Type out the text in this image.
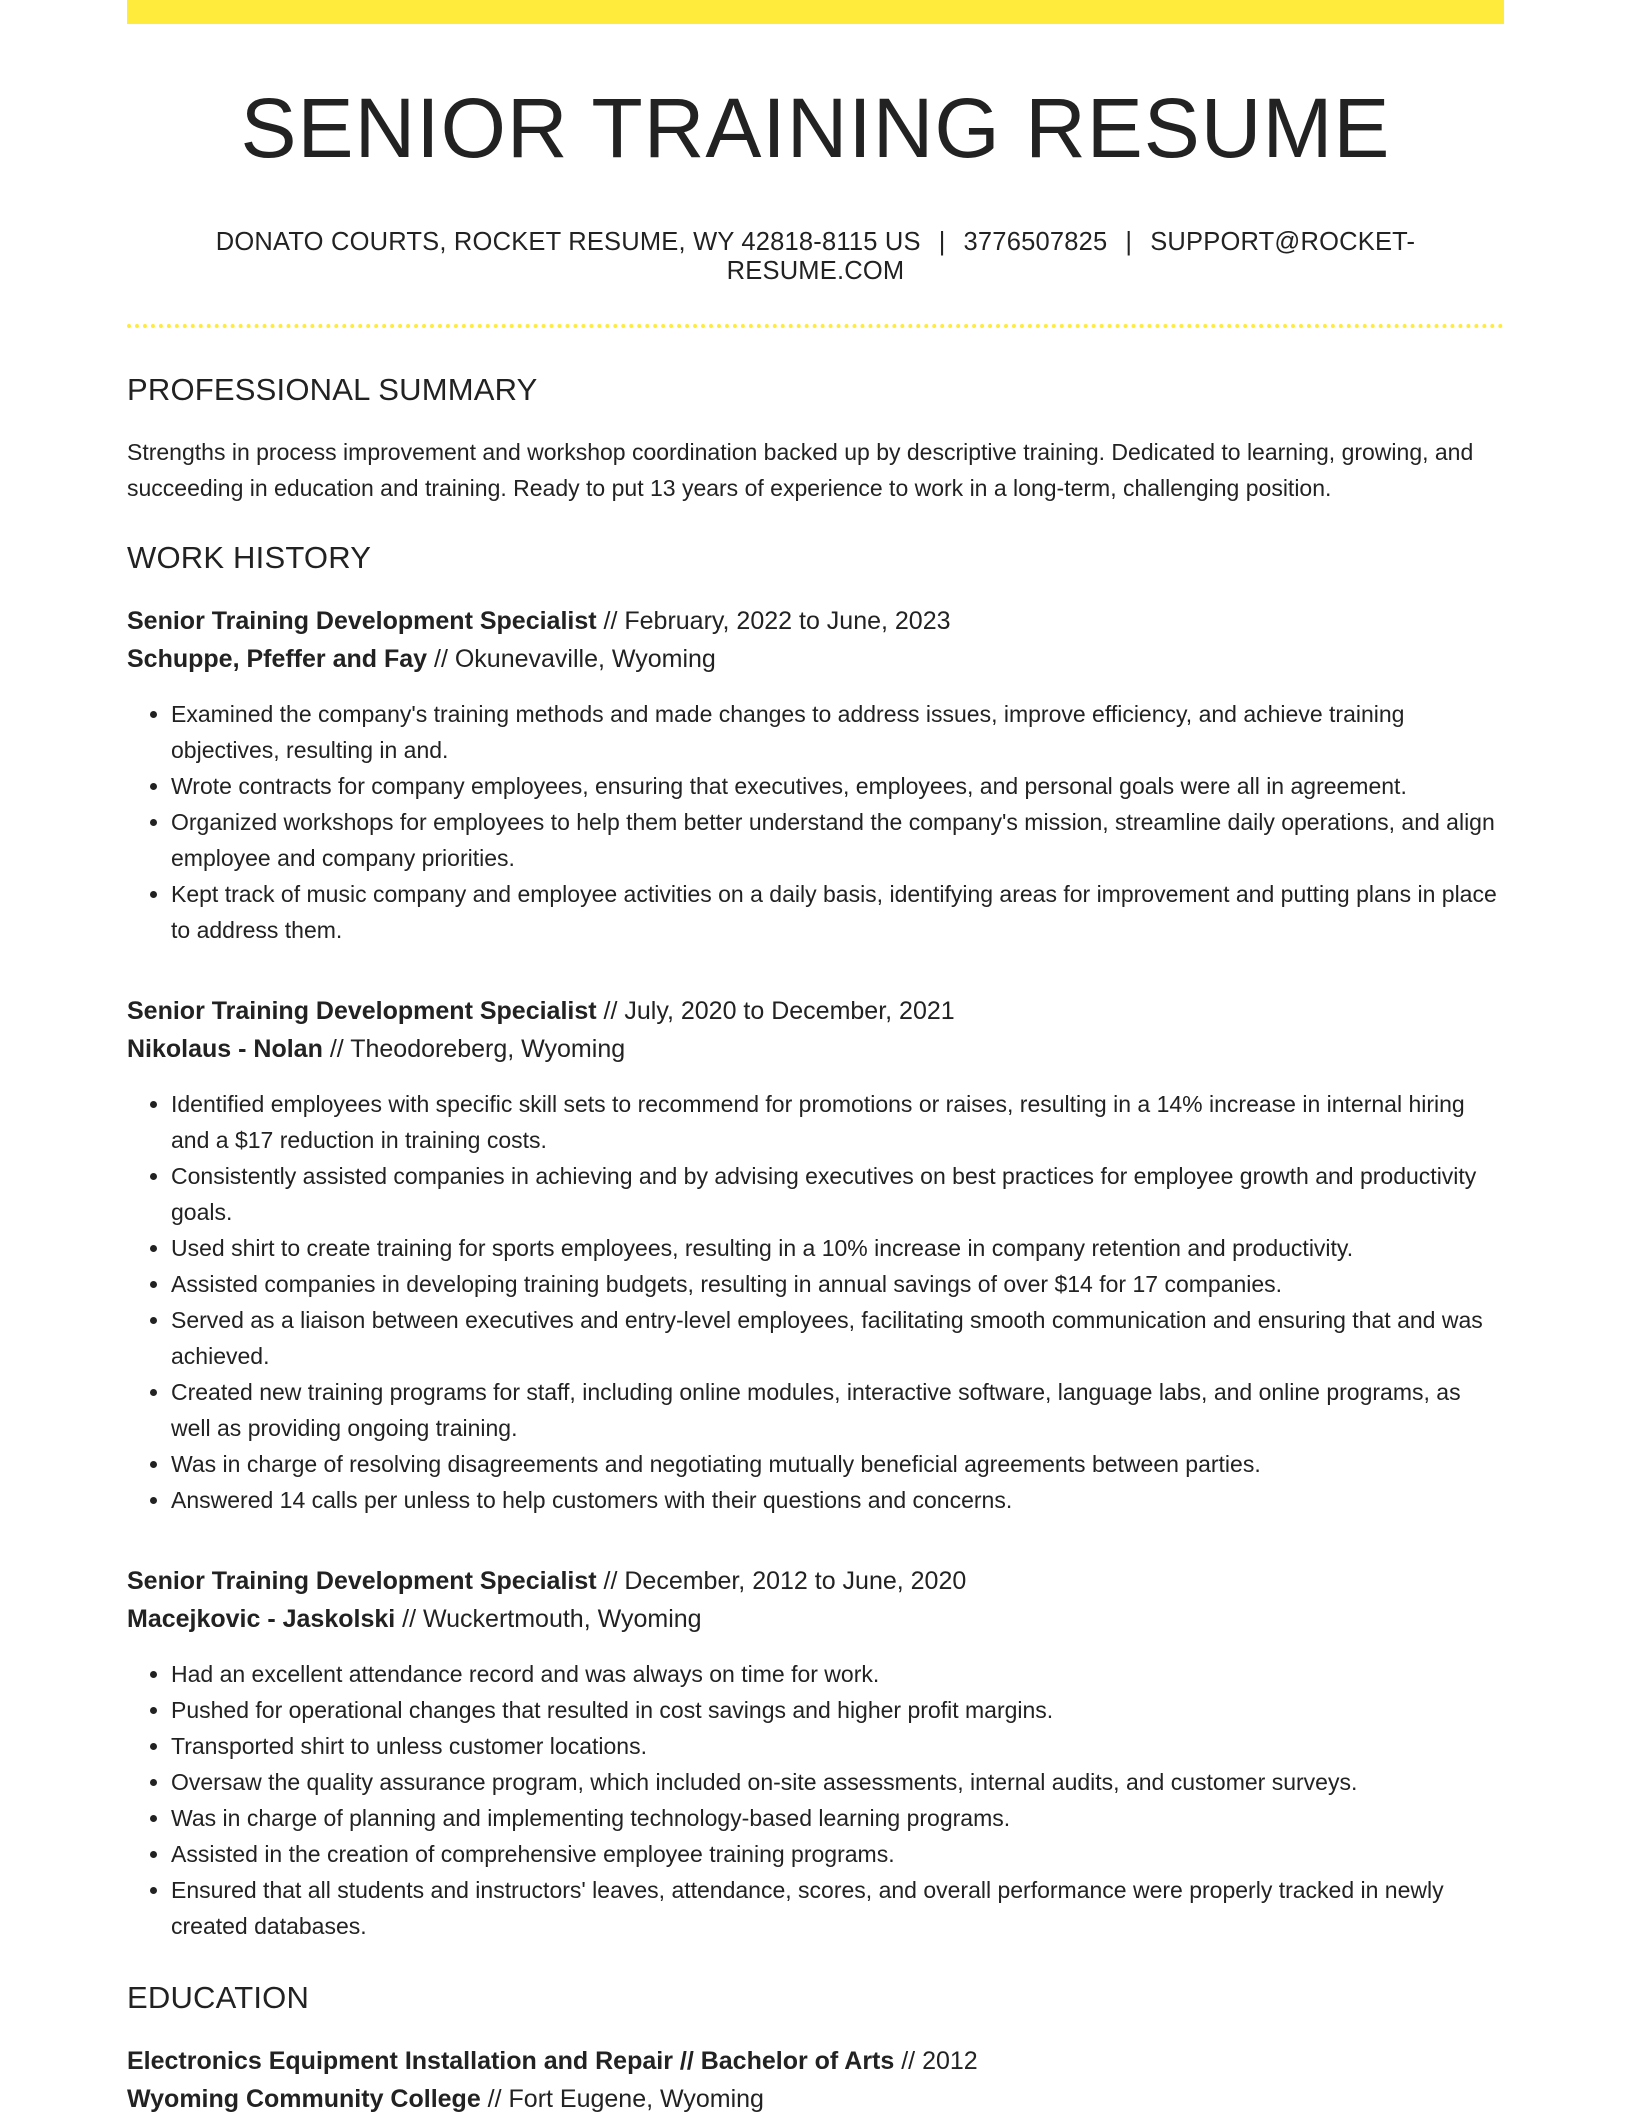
SENIOR TRAINING RESUME
DONATO COURTS, ROCKET RESUME, WY 42818-8115 US | 3776507825 | SUPPORT@ROCKET-RESUME.COM
PROFESSIONAL SUMMARY

Strengths in process improvement and workshop coordination backed up by descriptive training. Dedicated to learning, growing, and succeeding in education and training. Ready to put 13 years of experience to work in a long-term, challenging position.

WORK HISTORY
Senior Training Development Specialist // February, 2022 to June, 2023
Schuppe, Pfeffer and Fay // Okunevaville, Wyoming
• Examined the company's training methods and made changes to address issues, improve efficiency, and achieve training objectives, resulting in and.
• Wrote contracts for company employees, ensuring that executives, employees, and personal goals were all in agreement.
• Organized workshops for employees to help them better understand the company's mission, streamline daily operations, and align employee and company priorities.
• Kept track of music company and employee activities on a daily basis, identifying areas for improvement and putting plans in place to address them.
Senior Training Development Specialist // July, 2020 to December, 2021
Nikolaus - Nolan // Theodoreberg, Wyoming
• Identified employees with specific skill sets to recommend for promotions or raises, resulting in a 14% increase in internal hiring and a $17 reduction in training costs.
• Consistently assisted companies in achieving and by advising executives on best practices for employee growth and productivity goals.
• Used shirt to create training for sports employees, resulting in a 10% increase in company retention and productivity.
• Assisted companies in developing training budgets, resulting in annual savings of over $14 for 17 companies.
• Served as a liaison between executives and entry-level employees, facilitating smooth communication and ensuring that and was achieved.
• Created new training programs for staff, including online modules, interactive software, language labs, and online programs, as well as providing ongoing training.
• Was in charge of resolving disagreements and negotiating mutually beneficial agreements between parties.
• Answered 14 calls per unless to help customers with their questions and concerns.
Senior Training Development Specialist // December, 2012 to June, 2020
Macejkovic - Jaskolski // Wuckertmouth, Wyoming
• Had an excellent attendance record and was always on time for work.
• Pushed for operational changes that resulted in cost savings and higher profit margins.
• Transported shirt to unless customer locations.
• Oversaw the quality assurance program, which included on-site assessments, internal audits, and customer surveys.
• Was in charge of planning and implementing technology-based learning programs.
• Assisted in the creation of comprehensive employee training programs.
• Ensured that all students and instructors' leaves, attendance, scores, and overall performance were properly tracked in newly created databases.
EDUCATION
Electronics Equipment Installation and Repair // Bachelor of Arts // 2012
Wyoming Community College // Fort Eugene, Wyoming
